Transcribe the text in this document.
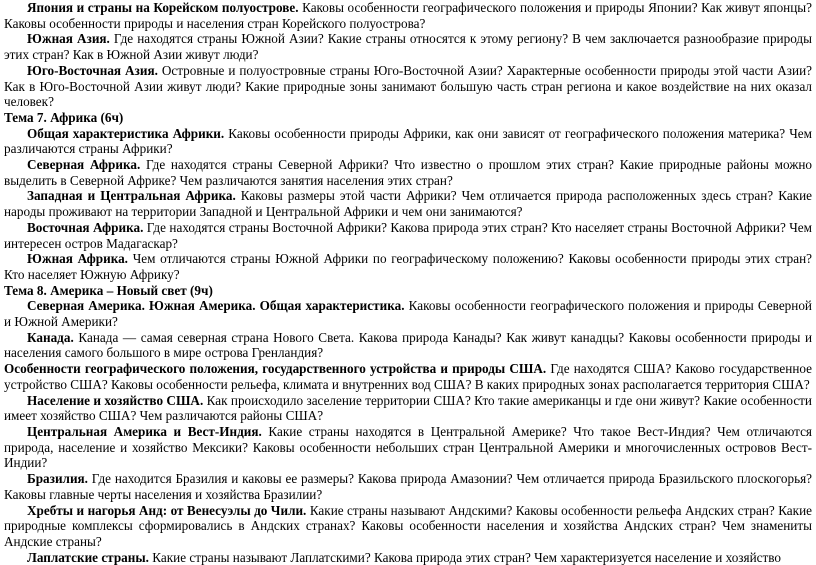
Япония и страны на Корейском полуострове. Каковы особенности географического положения и природы Японии? Как живут японцы? Каковы особенности природы и населения стран Корейского полуострова?

Южная Азия. Где находятся страны Южной Азии? Какие страны относятся к этому региону? В чем заключается разнообразие природы этих стран? Как в Южной Азии живут люди?

Юго-Восточная Азия. Островные и полуостровные страны Юго-Восточной Азии? Характерные особенности природы этой части Азии? Как в Юго-Восточной Азии живут люди? Какие природные зоны занимают большую часть стран региона и какое воздействие на них оказал человек?

Тема 7. Африка (6ч)

Общая характеристика Африки. Каковы особенности природы Африки, как они зависят от географического положения материка? Чем различаются страны Африки?

Северная Африка. Где находятся страны Северной Африки? Что известно о прошлом этих стран? Какие природные районы можно выделить в Северной Африке? Чем различаются занятия населения этих стран?

Западная и Центральная Африка. Каковы размеры этой части Африки? Чем отличается природа расположенных здесь стран? Какие народы проживают на территории Западной и Центральной Африки и чем они занимаются?

Восточная Африка. Где находятся страны Восточной Африки? Какова природа этих стран? Кто населяет страны Восточной Африки? Чем интересен остров Мадагаскар?

Южная Африка. Чем отличаются страны Южной Африки по географическому положению? Каковы особенности природы этих стран? Кто населяет Южную Африку?

Тема 8. Америка – Новый свет (9ч)

Северная Америка. Южная Америка. Общая характеристика. Каковы особенности географического положения и природы Северной и Южной Америки?

Канада. Канада — самая северная страна Нового Света. Какова природа Канады? Как живут канадцы? Каковы особенности природы и населения самого большого в мире острова Гренландия?

Особенности географического положения, государственного устройства и природы США. Где находятся США? Каково государственное устройство США? Каковы особенности рельефа, климата и внутренних вод США? В каких природных зонах располагается территория США?

Население и хозяйство США. Как происходило заселение территории США? Кто такие американцы и где они живут? Какие особенности имеет хозяйство США? Чем различаются районы США?

Центральная Америка и Вест-Индия. Какие страны находятся в Центральной Америке? Что такое Вест-Индия? Чем отличаются природа, население и хозяйство Мексики? Каковы особенности небольших стран Центральной Америки и многочисленных островов Вест-Индии?

Бразилия. Где находится Бразилия и каковы ее размеры? Какова природа Амазонии? Чем отличается природа Бразильского плоскогорья? Каковы главные черты населения и хозяйства Бразилии?

Хребты и нагорья Анд: от Венесуэлы до Чили. Какие страны называют Андскими? Каковы особенности рельефа Андских стран? Какие природные комплексы сформировались в Андских странах? Каковы особенности населения и хозяйства Андских стран? Чем знамениты Андские страны?

Лаплатские страны. Какие страны называют Лаплатскими? Какова природа этих стран? Чем характеризуется население и хозяйство
